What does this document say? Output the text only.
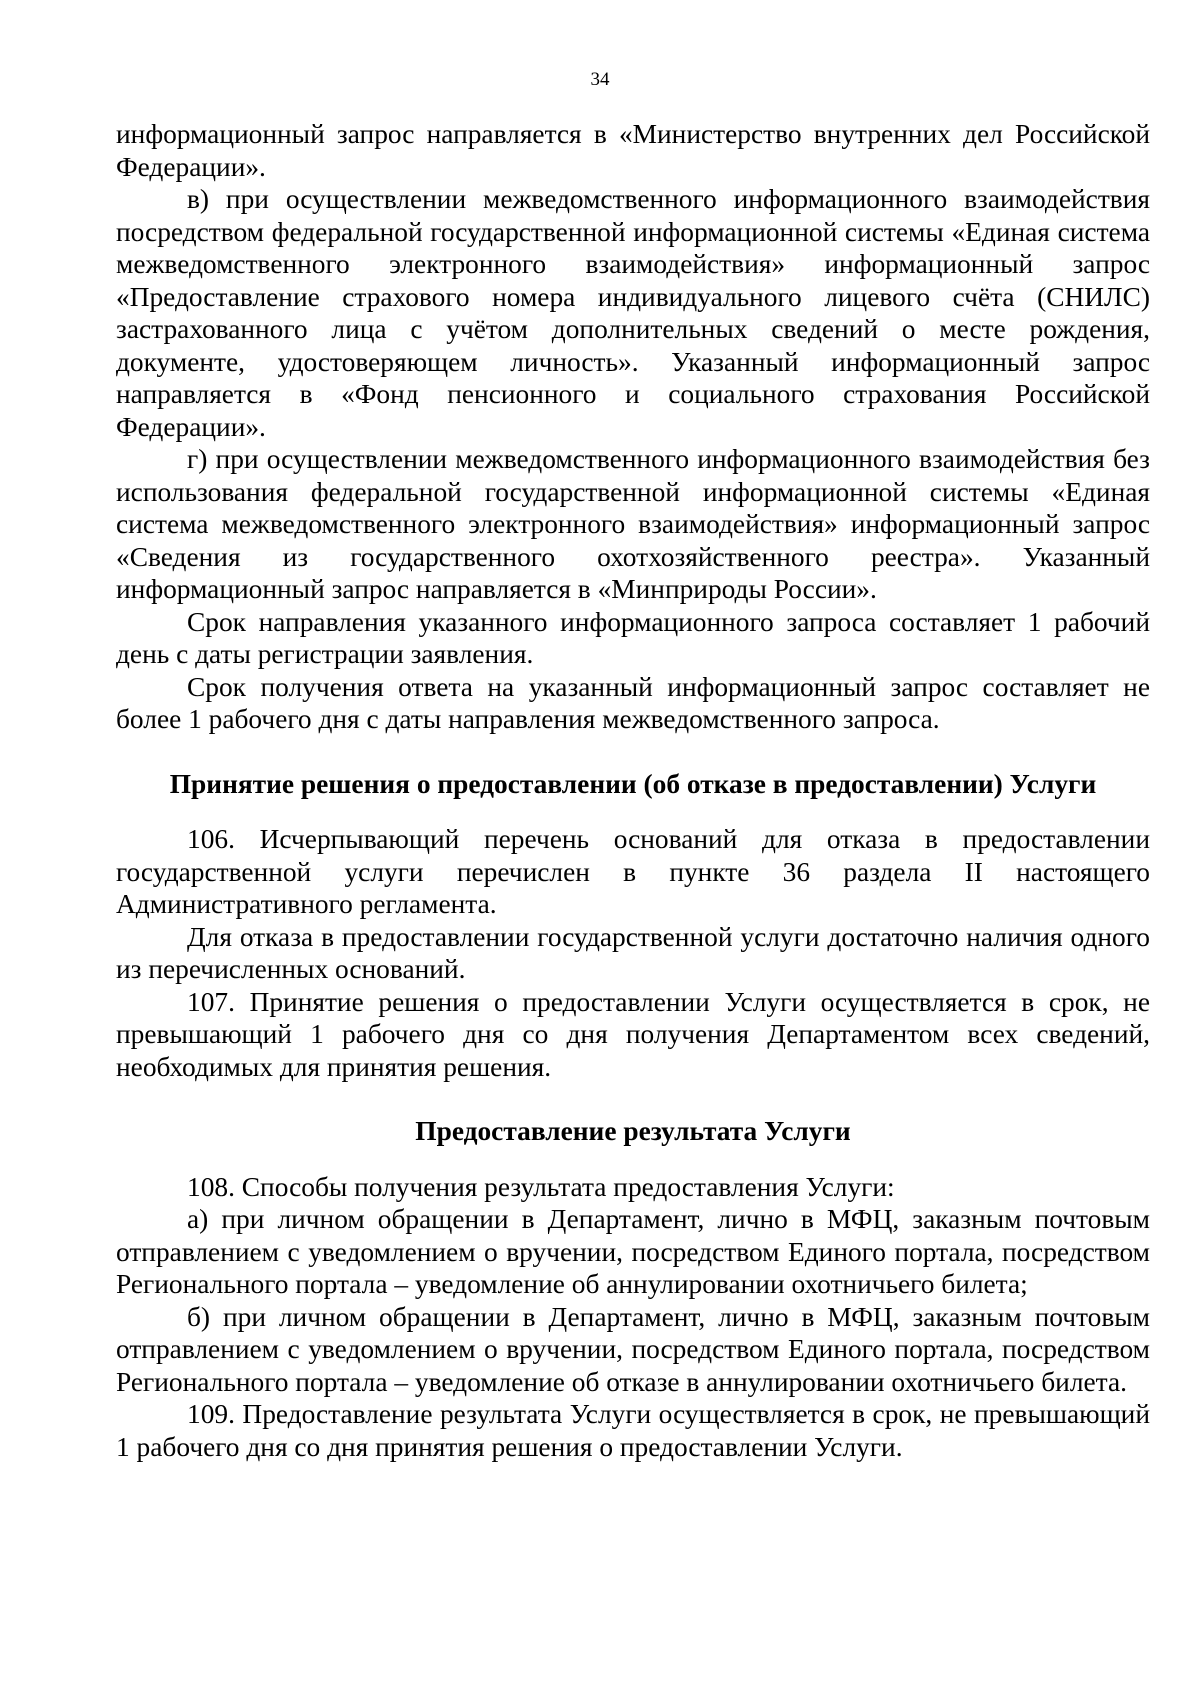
34

информационный запрос направляется в «Министерство внутренних дел Российской Федерации».

в) при осуществлении межведомственного информационного взаимодействия посредством федеральной государственной информационной системы «Единая система межведомственного электронного взаимодействия» информационный запрос «Предоставление страхового номера индивидуального лицевого счёта (СНИЛС) застрахованного лица с учётом дополнительных сведений о месте рождения, документе, удостоверяющем личность». Указанный информационный запрос направляется в «Фонд пенсионного и социального страхования Российской Федерации».

г) при осуществлении межведомственного информационного взаимодействия без использования федеральной государственной информационной системы «Единая система межведомственного электронного взаимодействия» информационный запрос «Сведения из государственного охотхозяйственного реестра». Указанный информационный запрос направляется в «Минприроды России».

Срок направления указанного информационного запроса составляет 1 рабочий день с даты регистрации заявления.

Срок получения ответа на указанный информационный запрос составляет не более 1 рабочего дня с даты направления межведомственного запроса.

Принятие решения о предоставлении (об отказе в предоставлении) Услуги

106. Исчерпывающий перечень оснований для отказа в предоставлении государственной услуги перечислен в пункте 36 раздела II настоящего Административного регламента.

Для отказа в предоставлении государственной услуги достаточно наличия одного из перечисленных оснований.

107. Принятие решения о предоставлении Услуги осуществляется в срок, не превышающий 1 рабочего дня со дня получения Департаментом всех сведений, необходимых для принятия решения.

Предоставление результата Услуги

108. Способы получения результата предоставления Услуги:

а) при личном обращении в Департамент, лично в МФЦ, заказным почтовым отправлением с уведомлением о вручении, посредством Единого портала, посредством Регионального портала – уведомление об аннулировании охотничьего билета;

б) при личном обращении в Департамент, лично в МФЦ, заказным почтовым отправлением с уведомлением о вручении, посредством Единого портала, посредством Регионального портала – уведомление об отказе в аннулировании охотничьего билета.

109. Предоставление результата Услуги осуществляется в срок, не превышающий 1 рабочего дня со дня принятия решения о предоставлении Услуги.
